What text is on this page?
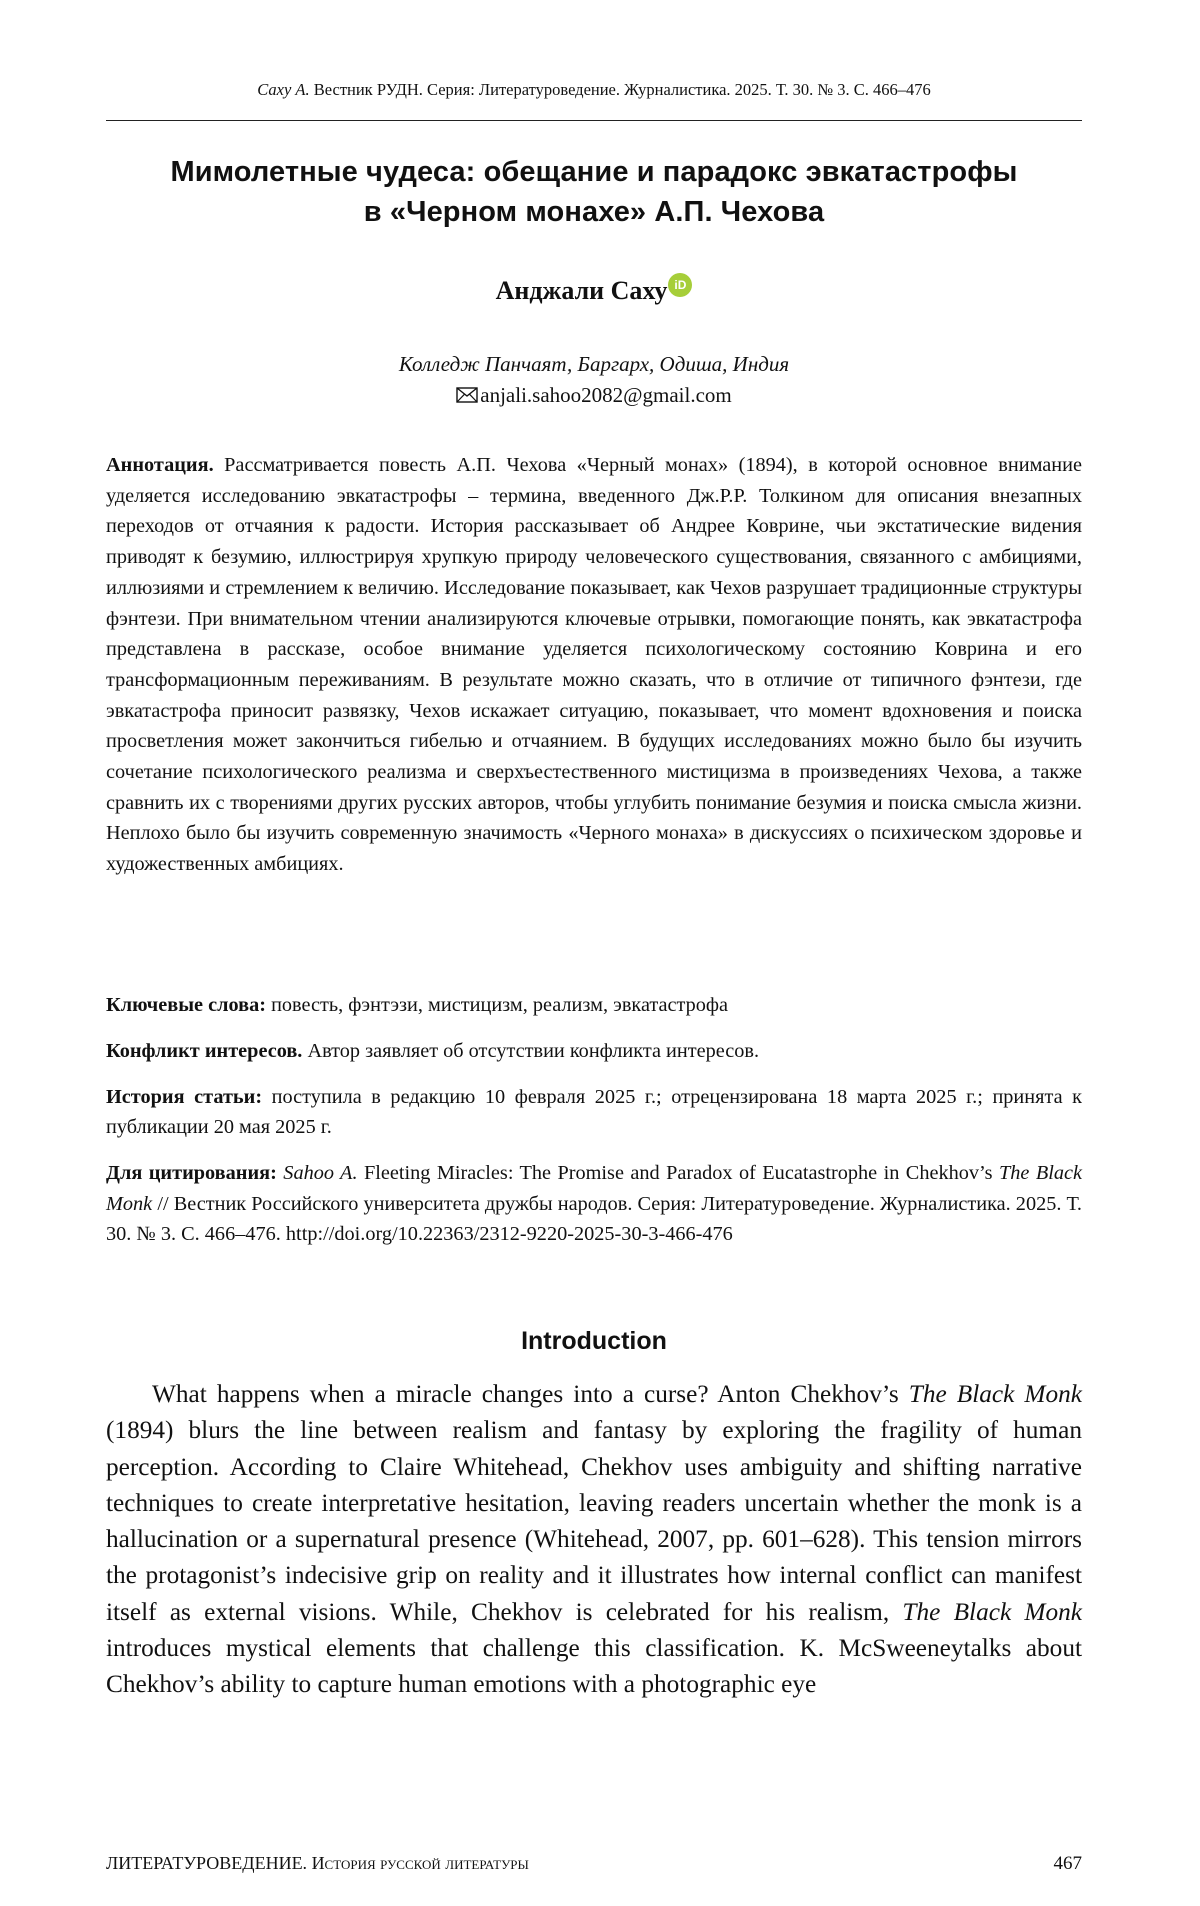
Саху А. Вестник РУДН. Серия: Литературоведение. Журналистика. 2025. Т. 30. № 3. С. 466–476
Мимолетные чудеса: обещание и парадокс эвкатастрофы
в «Черном монахе» А.П. Чехова
Анджали Саху iD
Колледж Панчаят, Баргарх, Одиша, Индия
anjali.sahoo2082@gmail.com
Аннотация. Рассматривается повесть А.П. Чехова «Черный монах» (1894), в которой основное внимание уделяется исследованию эвкатастрофы – термина, введенного Дж.Р.Р. Толкином для описания внезапных переходов от отчаяния к радости. История рассказывает об Андрее Коврине, чьи экстатические видения приводят к безумию, иллюстрируя хрупкую природу человеческого существования, связанного с амбициями, иллюзиями и стремлением к величию. Исследование показывает, как Чехов разрушает традиционные структуры фэнтези. При внимательном чтении анализируются ключевые отрывки, помогающие понять, как эвкатастрофа представлена в рассказе, особое внимание уделяется психологическому состоянию Коврина и его трансформационным переживаниям. В результате можно сказать, что в отличие от типичного фэнтези, где эвкатастрофа приносит развязку, Чехов искажает ситуацию, показывает, что момент вдохновения и поиска просветления может закончиться гибелью и отчаянием. В будущих исследованиях можно было бы изучить сочетание психологического реализма и сверхъестественного мистицизма в произведениях Чехова, а также сравнить их с творениями других русских авторов, чтобы углубить понимание безумия и поиска смысла жизни. Неплохо было бы изучить современную значимость «Черного монаха» в дискуссиях о психическом здоровье и художественных амбициях.
Ключевые слова: повесть, фэнтэзи, мистицизм, реализм, эвкатастрофа
Конфликт интересов. Автор заявляет об отсутствии конфликта интересов.
История статьи: поступила в редакцию 10 февраля 2025 г.; отрецензирована 18 марта 2025 г.; принята к публикации 20 мая 2025 г.
Для цитирования: Sahoo A. Fleeting Miracles: The Promise and Paradox of Eucatastrophe in Chekhov’s The Black Monk // Вестник Российского университета дружбы народов. Серия: Литературоведение. Журналистика. 2025. Т. 30. № 3. С. 466–476. http://doi.org/10.22363/2312-9220-2025-30-3-466-476
Introduction
What happens when a miracle changes into a curse? Anton Chekhov’s The Black Monk (1894) blurs the line between realism and fantasy by exploring the fragility of human perception. According to Claire Whitehead, Chekhov uses ambiguity and shifting narrative techniques to create interpretative hesitation, leaving readers uncertain whether the monk is a hallucination or a supernatural presence (Whitehead, 2007, pp. 601–628). This tension mirrors the protagonist’s indecisive grip on reality and it illustrates how internal conflict can manifest itself as external visions. While, Chekhov is celebrated for his realism, The Black Monk introduces mystical elements that challenge this classification. K. McSweeneytalks about Chekhov’s ability to capture human emotions with a photographic eye
ЛИТЕРАТУРОВЕДЕНИЕ. История русской литературы	467
